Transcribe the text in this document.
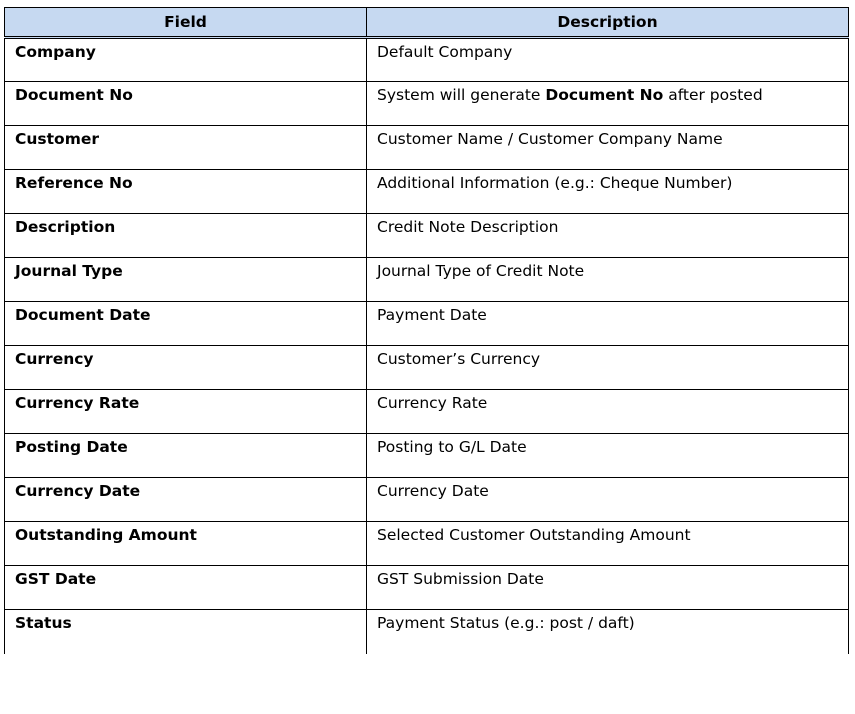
Field	Description
Company	Default Company
Document No	System will generate Document No after posted
Customer	Customer Name / Customer Company Name
Reference No	Additional Information (e.g.: Cheque Number)
Description	Credit Note Description
Journal Type	Journal Type of Credit Note
Document Date	Payment Date
Currency	Customer’s Currency
Currency Rate	Currency Rate
Posting Date	Posting to G/L Date
Currency Date	Currency Date
Outstanding Amount	Selected Customer Outstanding Amount
GST Date	GST Submission Date
Status	Payment Status (e.g.: post / daft)
